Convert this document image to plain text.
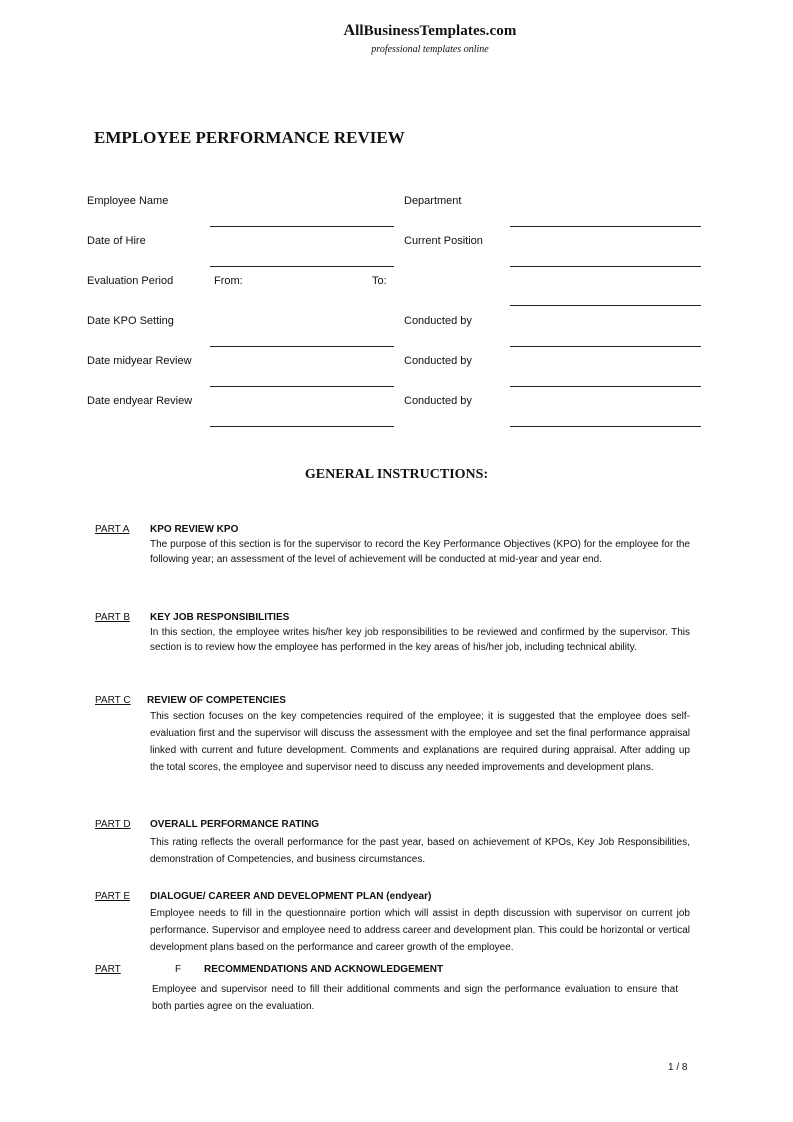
AllBusinessTemplates.com
professional templates online
EMPLOYEE PERFORMANCE REVIEW
Employee Name	Department
Date of Hire	Current Position
Evaluation Period	From:	To:
Date KPO Setting	Conducted by
Date midyear Review	Conducted by
Date endyear Review	Conducted by
GENERAL INSTRUCTIONS:
PART A KPO REVIEW KPO
The purpose of this section is for the supervisor to record the Key Performance Objectives (KPO) for the employee for the following year; an assessment of the level of achievement will be conducted at mid-year and year end.
PART B KEY JOB RESPONSIBILITIES
In this section, the employee writes his/her key job responsibilities to be reviewed and confirmed by the supervisor. This section is to review how the employee has performed in the key areas of his/her job, including technical ability.
PART C REVIEW OF COMPETENCIES
This section focuses on the key competencies required of the employee; it is suggested that the employee does self-evaluation first and the supervisor will discuss the assessment with the employee and set the final performance appraisal linked with current and future development. Comments and explanations are required during appraisal. After adding up the total scores, the employee and supervisor need to discuss any needed improvements and development plans.
PART D OVERALL PERFORMANCE RATING
This rating reflects the overall performance for the past year, based on achievement of KPOs, Key Job Responsibilities, demonstration of Competencies, and business circumstances.
PART E DIALOGUE/ CAREER AND DEVELOPMENT PLAN (endyear)
Employee needs to fill in the questionnaire portion which will assist in depth discussion with supervisor on current job performance. Supervisor and employee need to address career and development plan. This could be horizontal or vertical development plans based on the performance and career growth of the employee.
PART	F RECOMMENDATIONS AND ACKNOWLEDGEMENT
Employee and supervisor need to fill their additional comments and sign the performance evaluation to ensure that both parties agree on the evaluation.
1 / 8
